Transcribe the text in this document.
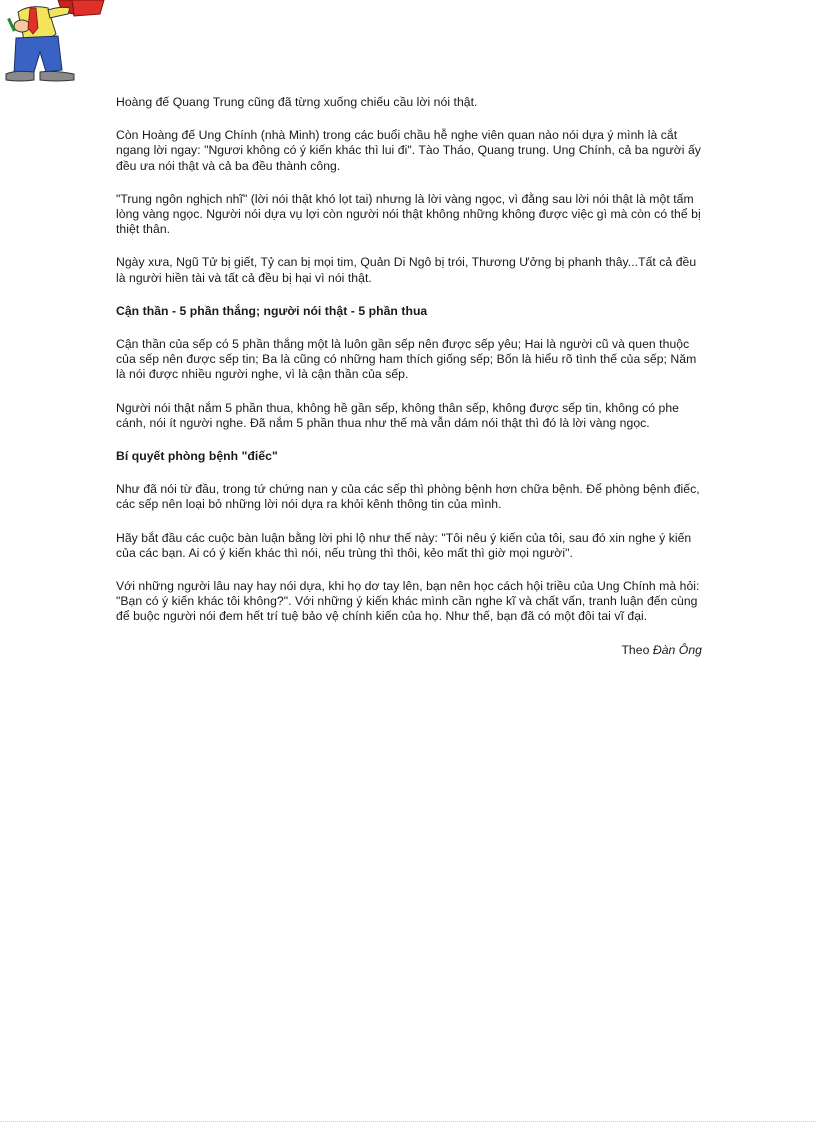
Hoàng đế Quang Trung cũng đã từng xuống chiếu cầu lời nói thật.

Còn Hoàng đế Ung Chính (nhà Minh) trong các buổi chầu hễ nghe viên quan nào nói dựa ý mình là cắt ngang lời ngay: "Ngươi không có ý kiến khác thì lui đi". Tào Tháo, Quang trung. Ung Chính, cả ba người ấy đều ưa nói thật và cả ba đều thành công.

"Trung ngôn nghịch nhĩ" (lời nói thật khó lọt tai) nhưng là lời vàng ngọc, vì đằng sau lời nói thật là một tấm lòng vàng ngọc. Người nói dựa vụ lợi còn người nói thật không những không được việc gì mà còn có thể bị thiệt thân.

Ngày xưa, Ngũ Tử bị giết, Tỷ can bị mọi tim, Quản Di Ngô bị trói, Thương Ưởng bị phanh thây...Tất cả đều là người hiền tài và tất cả đều bị hại vì nói thật.

Cận thần - 5 phần thắng; người nói thật - 5 phần thua

Cận thần của sếp có 5 phần thắng một là luôn gần sếp nên được sếp yêu; Hai là người cũ và quen thuộc của sếp nên được sếp tin; Ba là cũng có những ham thích giống sếp; Bốn là hiểu rõ tình thế của sếp; Năm là nói được nhiều người nghe, vì là cận thần của sếp.

Người nói thật nắm 5 phần thua, không hề gần sếp, không thân sếp, không được sếp tin, không có phe cánh, nói ít người nghe. Đã nắm 5 phần thua như thế mà vẫn dám nói thật thì đó là lời vàng ngọc.

Bí quyết phòng bệnh "điếc"

Như đã nói từ đầu, trong tứ chứng nan y của các sếp thì phòng bệnh hơn chữa bệnh. Để phòng bệnh điếc, các sếp nên loại bỏ những lời nói dựa ra khỏi kênh thông tin của mình.

Hãy bắt đầu các cuộc bàn luận bằng lời phi lộ như thế này: "Tôi nêu ý kiến của tôi, sau đó xin nghe ý kiến của các bạn. Ai có ý kiến khác thì nói, nếu trùng thì thôi, kẻo mất thì giờ mọi người".

Với những người lâu nay hay nói dựa, khi họ dơ tay lên, bạn nên học cách hội triều của Ung Chính mà hỏi: "Bạn có ý kiến khác tôi không?". Với những ý kiến khác mình cần nghe kĩ và chất vấn, tranh luận đến cùng để buộc người nói đem hết trí tuệ bảo vệ chính kiến của họ. Như thế, bạn đã có một đôi tai vĩ đại.

Theo Đàn Ông
